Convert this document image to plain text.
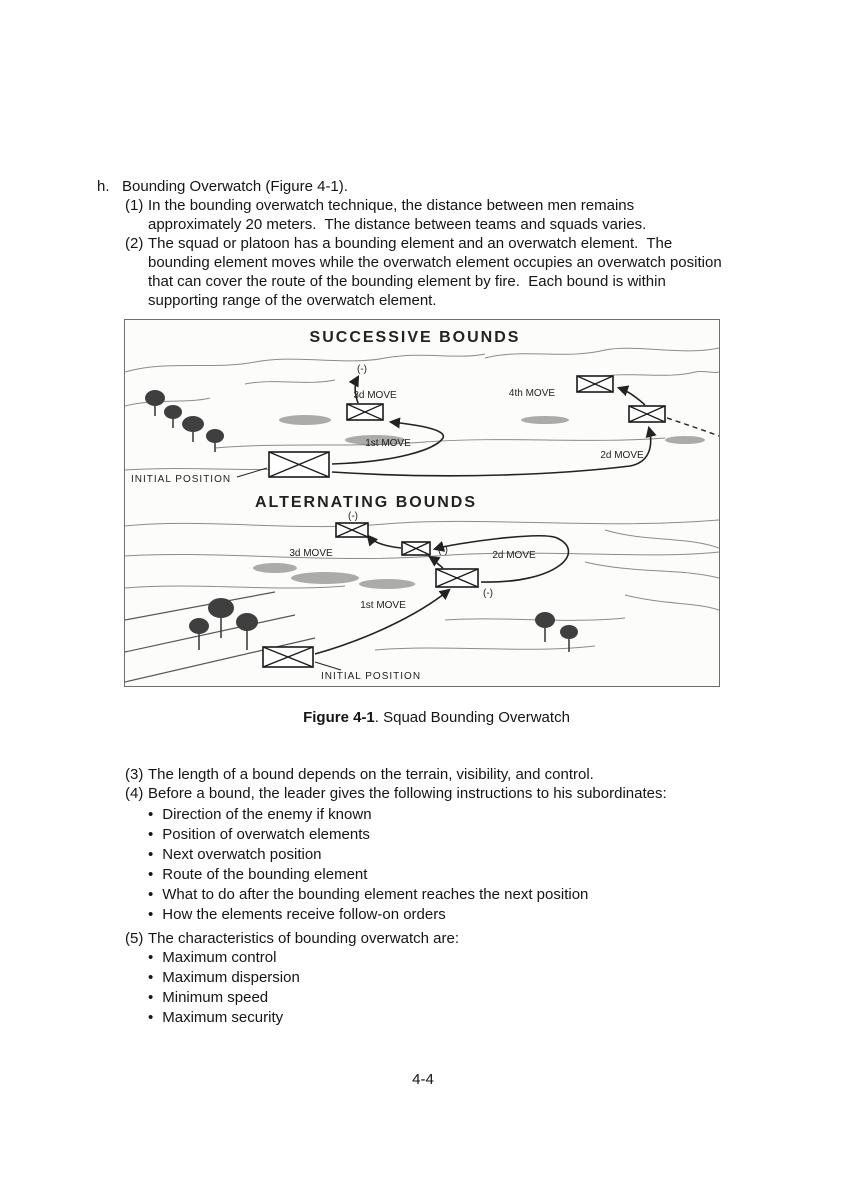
h. Bounding Overwatch (Figure 4-1).
(1) In the bounding overwatch technique, the distance between men remains approximately 20 meters.  The distance between teams and squads varies.
(2) The squad or platoon has a bounding element and an overwatch element.  The bounding element moves while the overwatch element occupies an overwatch position that can cover the route of the bounding element by fire.  Each bound is within supporting range of the overwatch element.
SUCCESSIVE BOUNDS
(-)
3d MOVE	4th MOVE
1st MOVE
2d MOVE
INITIAL POSITION
ALTERNATING BOUNDS
(-)
3d MOVE	(-)	2d MOVE
(-)
1st MOVE
INITIAL POSITION
Figure 4-1. Squad Bounding Overwatch
(3) The length of a bound depends on the terrain, visibility, and control.
(4) Before a bound, the leader gives the following instructions to his subordinates:
• Direction of the enemy if known
• Position of overwatch elements
• Next overwatch position
• Route of the bounding element
• What to do after the bounding element reaches the next position
• How the elements receive follow-on orders
(5) The characteristics of bounding overwatch are:
• Maximum control
• Maximum dispersion
• Minimum speed
• Maximum security
4-4
